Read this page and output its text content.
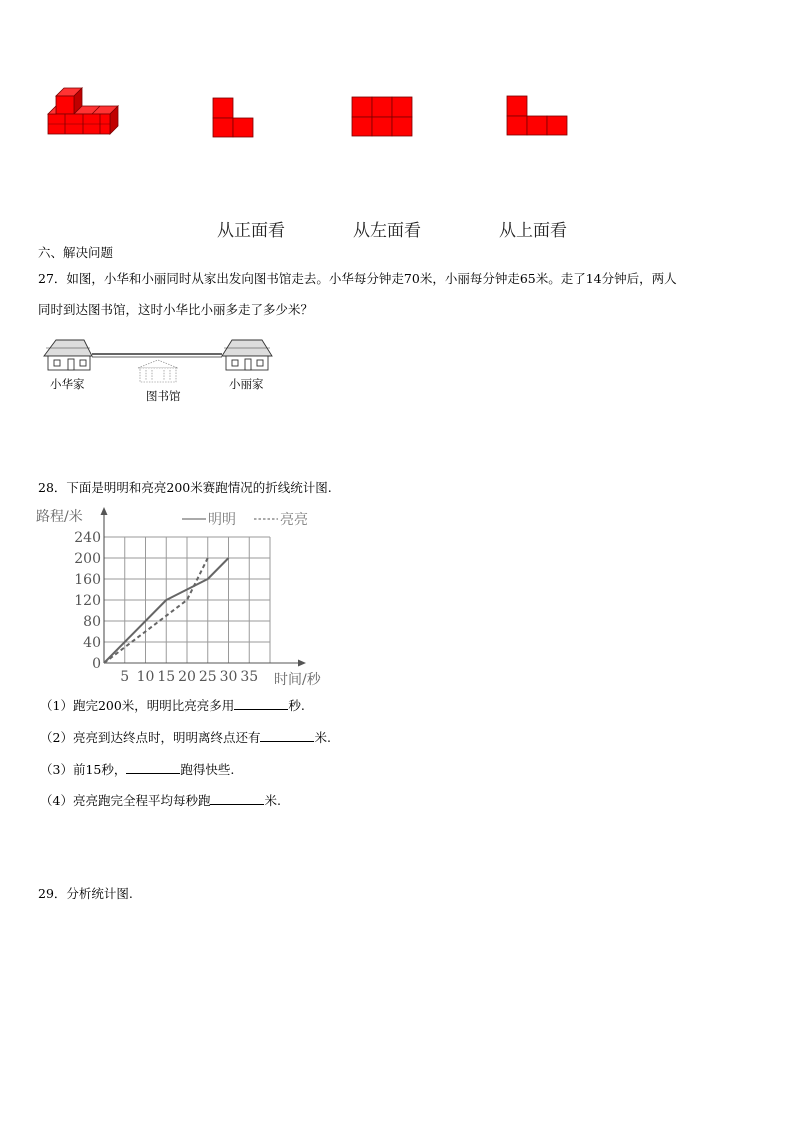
从正面看	从左面看	从上面看
六、解决问题
27．如图，小华和小丽同时从家出发向图书馆走去。小华每分钟走70米，小丽每分钟走65米。走了14分钟后，两人
同时到达图书馆，这时小华比小丽多走了多少米？
小华家
图书馆
小丽家
28．下面是明明和亮亮200米赛跑情况的折线统计图.
0
40
80
120
160
200
240
5 10 15 20 25 30 35
路程/米
时间/秒
明明	亮亮
（1）跑完200米，明明比亮亮多用	秒.
（2）亮亮到达终点时，明明离终点还有	米.
（3）前15秒，	跑得快些.
（4）亮亮跑完全程平均每秒跑	米.
29．分析统计图.
